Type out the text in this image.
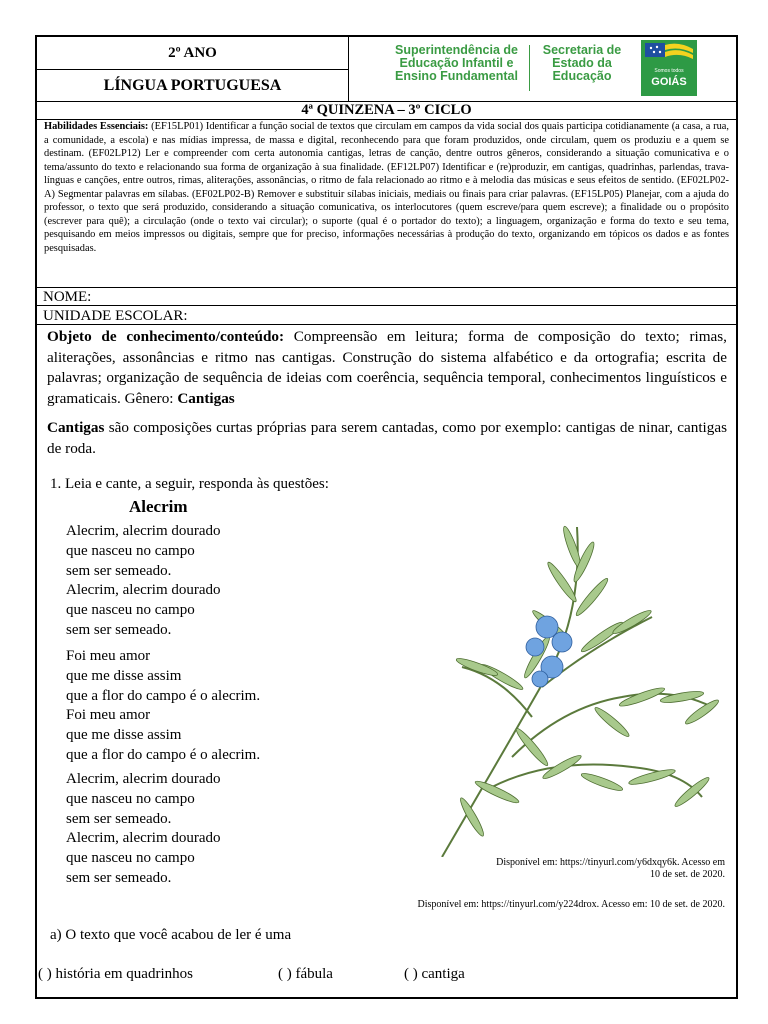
2º ANO
LÍNGUA PORTUGUESA
Superintendência de
Educação Infantil e
Ensino Fundamental
Secretaria de
Estado da
Educação	Somos todos
GOIÁS
4ª QUINZENA – 3º CICLO
Habilidades Essenciais: (EF15LP01) Identificar a função social de textos que circulam em campos da vida social dos quais participa cotidianamente (a casa, a rua, a comunidade, a escola) e nas mídias impressa, de massa e digital, reconhecendo para que foram produzidos, onde circulam, quem os produziu e a quem se destinam. (EF02LP12) Ler e compreender com certa autonomia cantigas, letras de canção, dentre outros gêneros, considerando a situação comunicativa e o tema/assunto do texto e relacionando sua forma de organização à sua finalidade. (EF12LP07) Identificar e (re)produzir, em cantigas, quadrinhas, parlendas, trava- línguas e canções, entre outros, rimas, aliterações, assonâncias, o ritmo de fala relacionado ao ritmo e à melodia das músicas e seus efeitos de sentido. (EF02LP02-A) Segmentar palavras em sílabas. (EF02LP02-B) Remover e substituir sílabas iniciais, mediais ou finais para criar palavras. (EF15LP05) Planejar, com a ajuda do professor, o texto que será produzido, considerando a situação comunicativa, os interlocutores (quem escreve/para quem escreve); a finalidade ou o propósito (escrever para quê); a circulação (onde o texto vai circular); o suporte (qual é o portador do texto); a linguagem, organização e forma do texto e seu tema, pesquisando em meios impressos ou digitais, sempre que for preciso, informações necessárias à produção do texto, organizando em tópicos os dados e as fontes pesquisadas.
NOME:
UNIDADE ESCOLAR:
Objeto de conhecimento/conteúdo: Compreensão em leitura; forma de composição do texto; rimas, aliterações, assonâncias e ritmo nas cantigas. Construção do sistema alfabético e da ortografia; escrita de palavras; organização de sequência de ideias com coerência, sequência temporal, conhecimentos linguísticos e gramaticais. Gênero: Cantigas
Cantigas são composições curtas próprias para serem cantadas, como por exemplo: cantigas de ninar, cantigas de roda.
1. Leia e cante, a seguir, responda às questões:
Alecrim
Alecrim, alecrim dourado
que nasceu no campo
sem ser semeado.
Alecrim, alecrim dourado
que nasceu no campo
sem ser semeado.
Foi meu amor
que me disse assim
que a flor do campo é o alecrim.
Foi meu amor
que me disse assim
que a flor do campo é o alecrim.
Alecrim, alecrim dourado
que nasceu no campo
sem ser semeado.
Alecrim, alecrim dourado
que nasceu no campo
sem ser semeado.
Disponível em: https://tinyurl.com/y6dxqy6k. Acesso em
10 de set. de 2020.
Disponível em: https://tinyurl.com/y224drox. Acesso em: 10 de set. de 2020.
a) O texto que você acabou de ler é uma
( ) história em quadrinhos	( ) fábula	( ) cantiga
